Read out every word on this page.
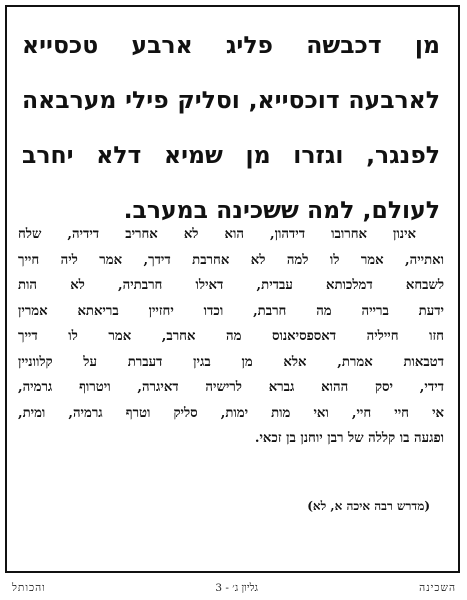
מן דכבשה פליג ארבע טכסייא
לארבעה דוכסייא, וסליק פילי מערבאה
לפנגר, וגזרו מן שמיא דלא יחרב
לעולם, למה ששכינה במערב.
אינון אחרובו דידהון, הוא לא אחריב דידיה, שלח
ואתייה, אמר לו למה לא אחרבת דידך, אמר ליה חייך
לשבחא דמלכותא עבדית, דאילו חרבתיה, לא הות
ידעת ברייה מה חרבת, וכדו יחזיין בריאתא אמרין
חזו חייליה דאספסיאנוס מה אחרב, אמר לו דייך
דטבאות אמרת, אלא מן בגין דעברת על קלווניין
דידי, יסק ההוא גברא לרישיה דאיגרה, ויטרוף גרמיה,
אי חיי חיי, ואי מות ימות, סליק וטרף גרמיה, ומית,
ופגעה בו קללה של רבן יוחנן בן זכאי.
(מדרש רבה איכה א, לא)
השכינה
גליון ג׳ - 3
והכותל
